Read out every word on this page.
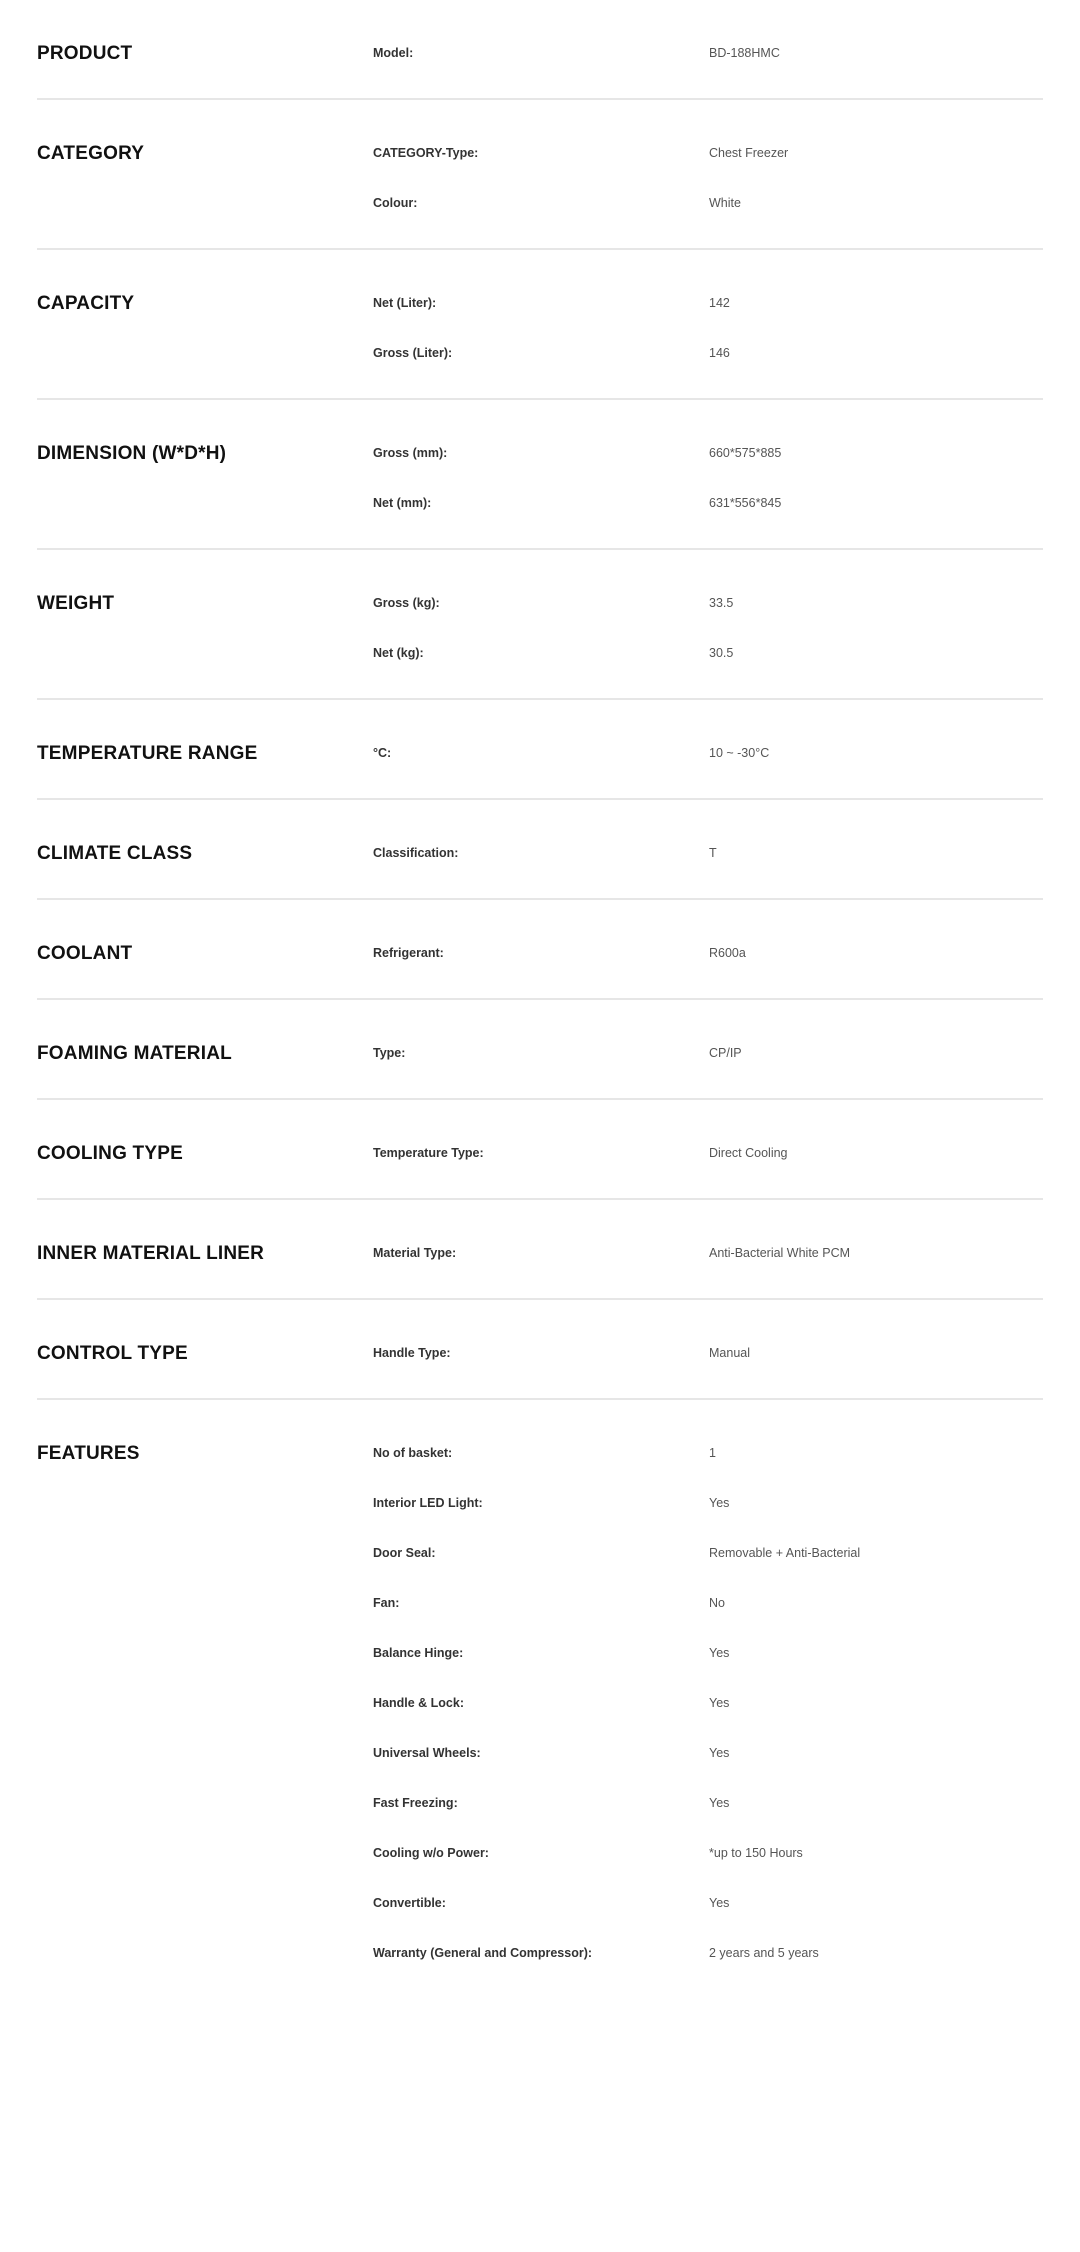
PRODUCT	Model:	BD-188HMC
CATEGORY	CATEGORY-Type:	Chest Freezer
Colour:	White
CAPACITY	Net (Liter):	142
Gross (Liter):	146
DIMENSION (W*D*H)	Gross (mm):	660*575*885
Net (mm):	631*556*845
WEIGHT	Gross (kg):	33.5
Net (kg):	30.5
TEMPERATURE RANGE	°C:	10 ~ -30°C
CLIMATE CLASS	Classification:	T
COOLANT	Refrigerant:	R600a
FOAMING MATERIAL	Type:	CP/IP
COOLING TYPE	Temperature Type:	Direct Cooling
INNER MATERIAL LINER	Material Type:	Anti-Bacterial White PCM
CONTROL TYPE	Handle Type:	Manual
FEATURES	No of basket:	1
Interior LED Light:	Yes
Door Seal:	Removable + Anti-Bacterial
Fan:	No
Balance Hinge:	Yes
Handle & Lock:	Yes
Universal Wheels:	Yes
Fast Freezing:	Yes
Cooling w/o Power:	*up to 150 Hours
Convertible:	Yes
Warranty (General and Compressor):	2 years and 5 years
